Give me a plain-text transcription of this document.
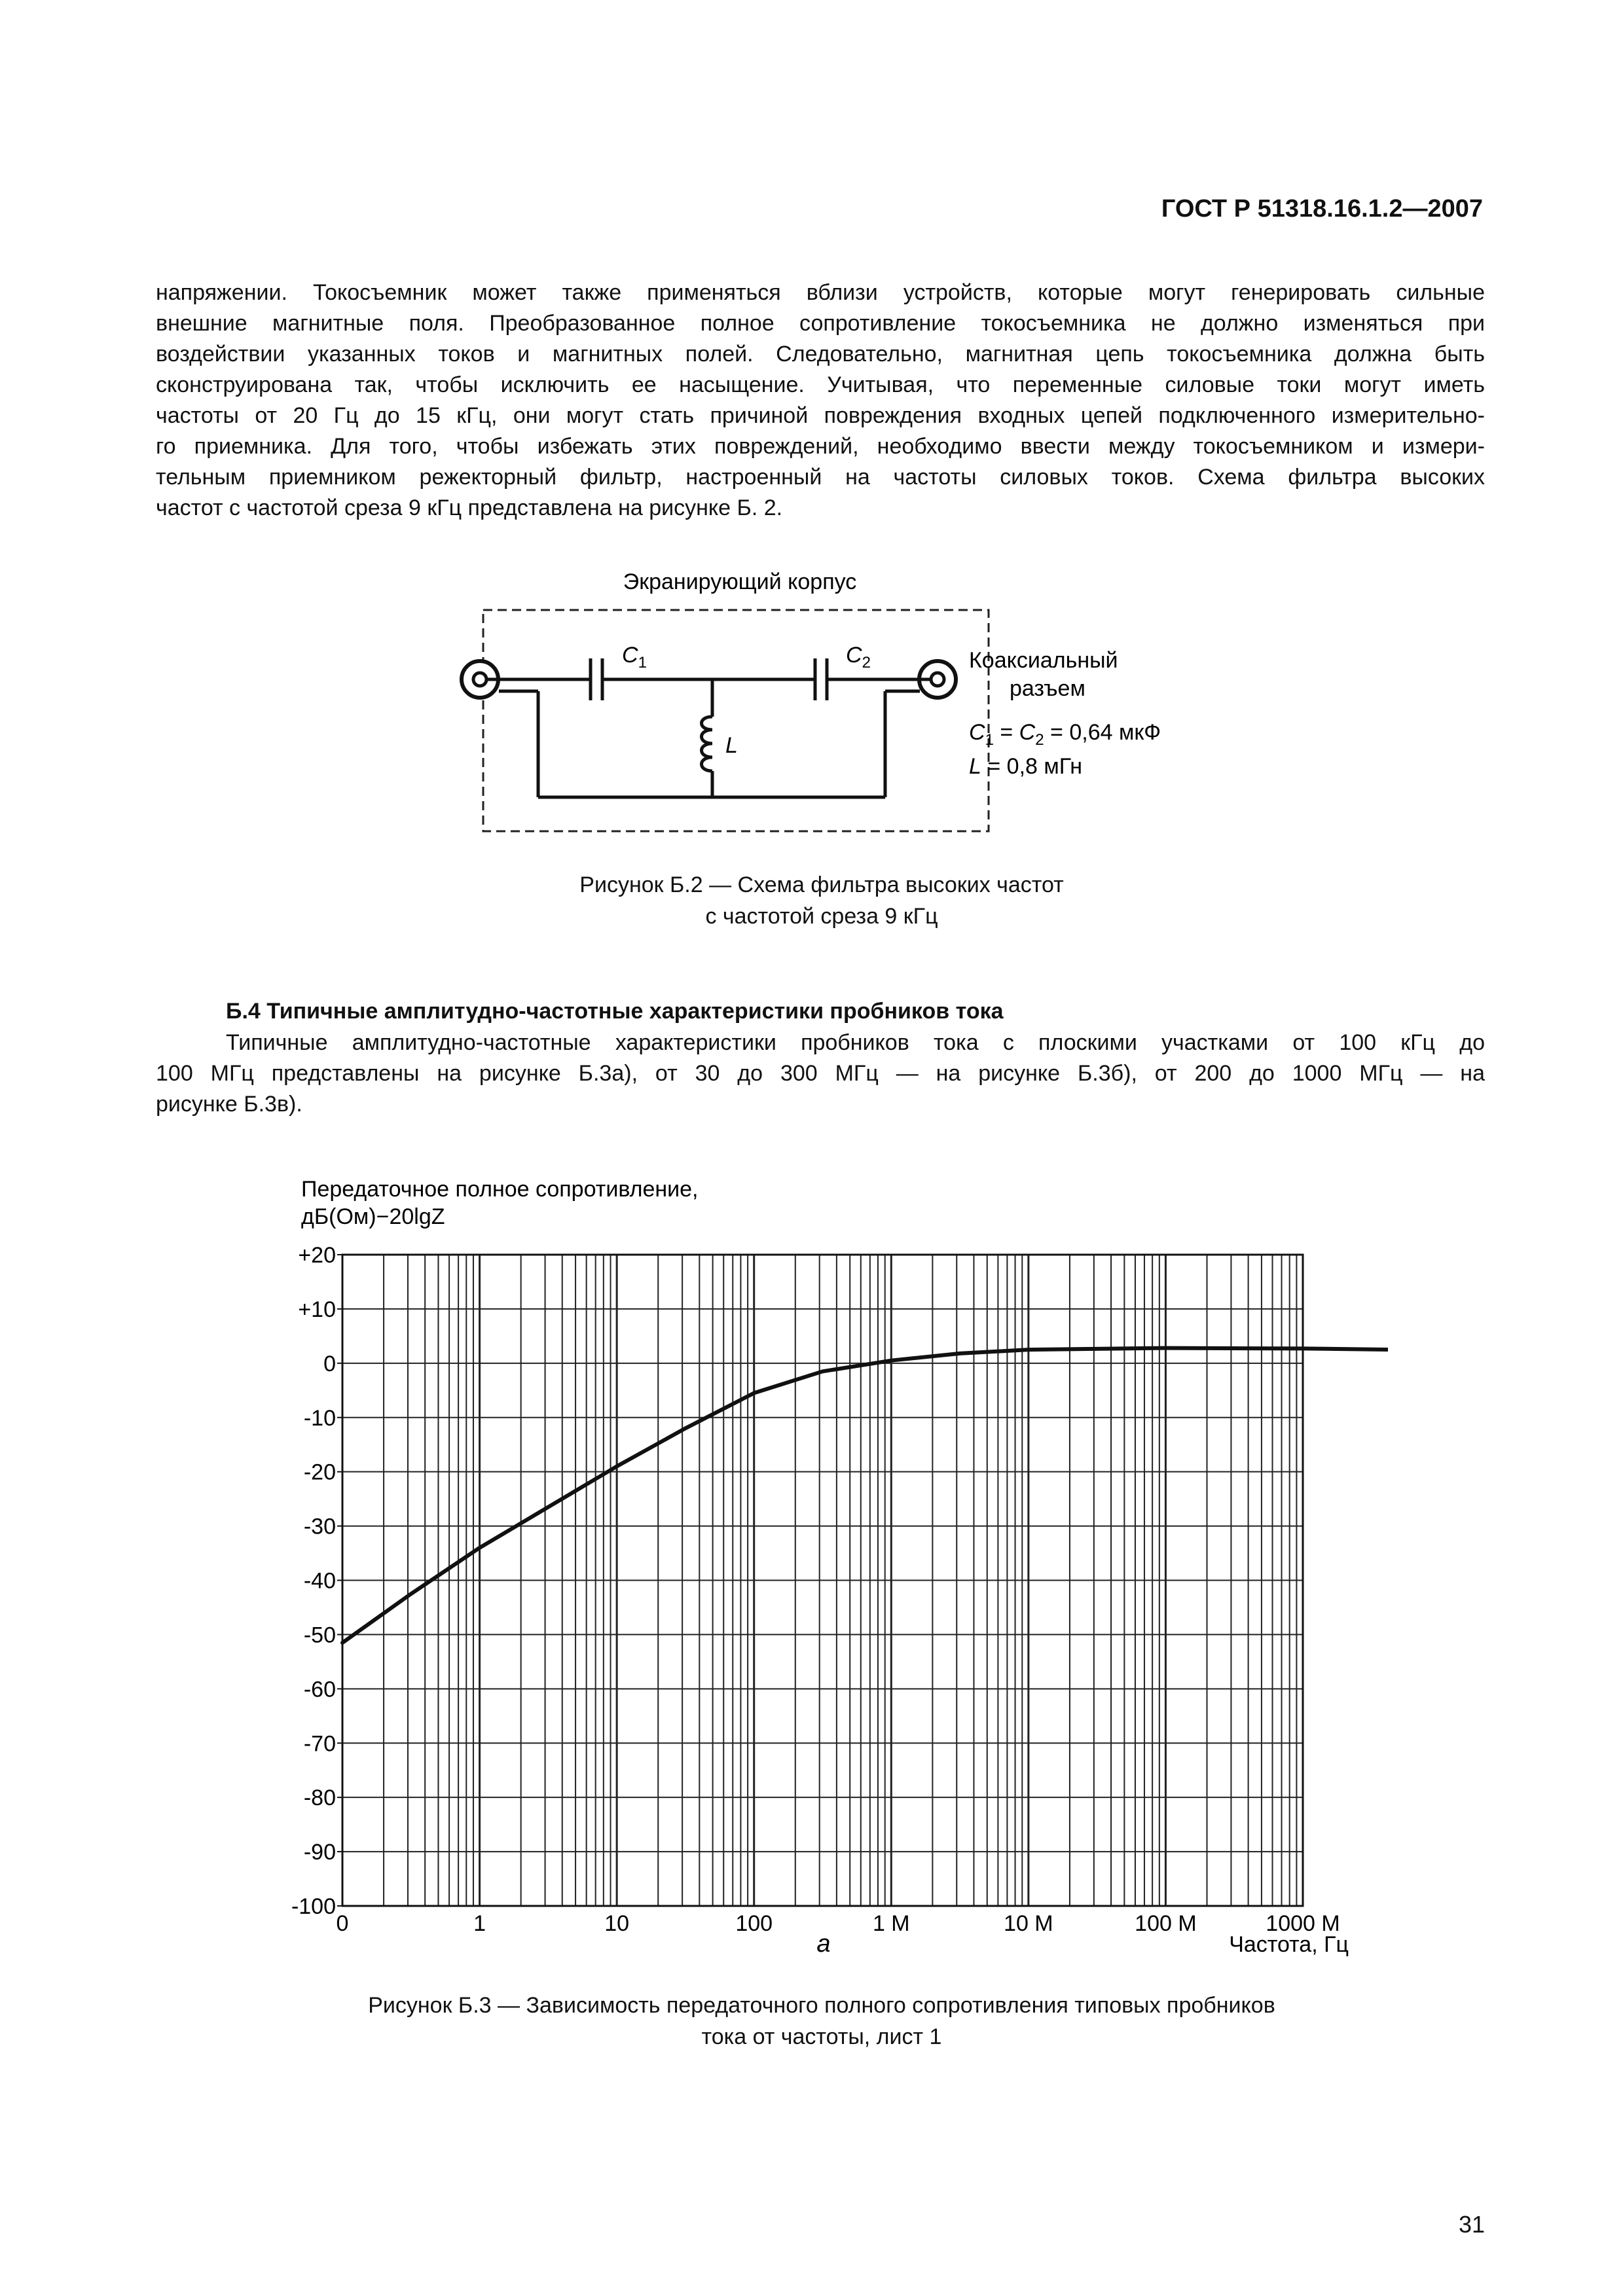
ГОСТ Р 51318.16.1.2—2007
напряжении. Токосъемник может также применяться вблизи устройств, которые могут генерировать сильные
внешние магнитные поля. Преобразованное полное сопротивление токосъемника не должно изменяться при
воздействии указанных токов и магнитных полей. Следовательно, магнитная цепь токосъемника должна быть
сконструирована так, чтобы исключить ее насыщение. Учитывая, что переменные силовые токи могут иметь
частоты от 20 Гц до 15 кГц, они могут стать причиной повреждения входных цепей подключенного измерительно-
го приемника. Для того, чтобы избежать этих повреждений, необходимо ввести между токосъемником и измери-
тельным приемником режекторный фильтр, настроенный на частоты силовых токов. Схема фильтра высоких
частот с частотой среза 9 кГц представлена на рисунке Б. 2.
Экранирующий корпус
$C_1$	$C_2$
L
Коаксиальный
разъем
$C_1 = C_2 = 0,64$ мкФ
L = 0,8 мГн
Рисунок Б.2 — Схема фильтра высоких частот
с частотой среза 9 кГц
Б.4 Типичные амплитудно-частотные характеристики пробников тока
Типичные амплитудно-частотные характеристики пробников тока с плоскими участками от 100 кГц до
100 МГц представлены на рисунке Б.3а), от 30 до 300 МГц — на рисунке Б.3б), от 200 до 1000 МГц — на
рисунке Б.3в).
Передаточное полное сопротивление,
дБ(Ом)−20lgZ
+20
+10
0
-10
-20
-30
-40
-50
-60
-70
-80
-90
-100
0	1	10	100	1 M	10 M	100 M	1000 M
Частота, Гц
а
Рисунок Б.3 — Зависимость передаточного полного сопротивления типовых пробников
тока от частоты, лист 1
31
